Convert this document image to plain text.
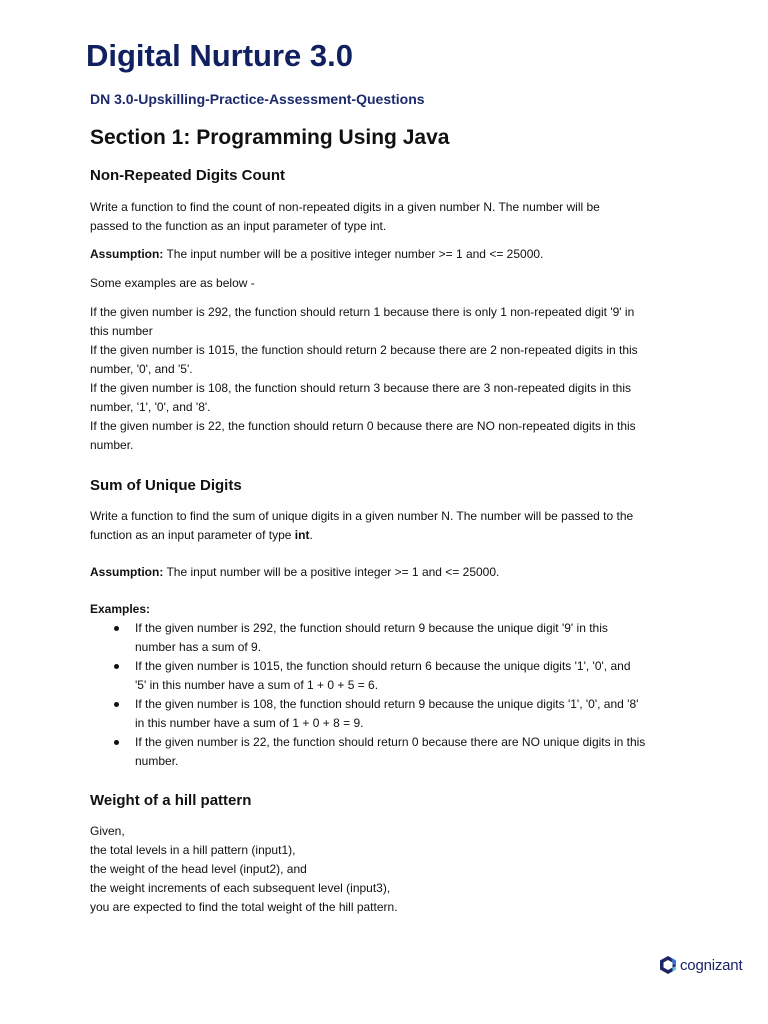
Digital Nurture 3.0
DN 3.0-Upskilling-Practice-Assessment-Questions
Section 1: Programming Using Java
Non-Repeated Digits Count

Write a function to find the count of non-repeated digits in a given number N. The number will be
passed to the function as an input parameter of type int.

Assumption: The input number will be a positive integer number >= 1 and <= 25000.

Some examples are as below -

If the given number is 292, the function should return 1 because there is only 1 non-repeated digit '9' in
this number
If the given number is 1015, the function should return 2 because there are 2 non-repeated digits in this
number, '0', and '5'.
If the given number is 108, the function should return 3 because there are 3 non-repeated digits in this
number, '1', '0', and '8'.
If the given number is 22, the function should return 0 because there are NO non-repeated digits in this
number.

Sum of Unique Digits

Write a function to find the sum of unique digits in a given number N. The number will be passed to the
function as an input parameter of type int.

Assumption: The input number will be a positive integer >= 1 and <= 25000.

Examples:

If the given number is 292, the function should return 9 because the unique digit '9' in this
number has a sum of 9.
If the given number is 1015, the function should return 6 because the unique digits '1', '0', and
'5' in this number have a sum of 1 + 0 + 5 = 6.
If the given number is 108, the function should return 9 because the unique digits '1', '0', and '8'
in this number have a sum of 1 + 0 + 8 = 9.
If the given number is 22, the function should return 0 because there are NO unique digits in this
number.
Weight of a hill pattern

Given,
the total levels in a hill pattern (input1),
the weight of the head level (input2), and
the weight increments of each subsequent level (input3),
you are expected to find the total weight of the hill pattern.

cognizant
